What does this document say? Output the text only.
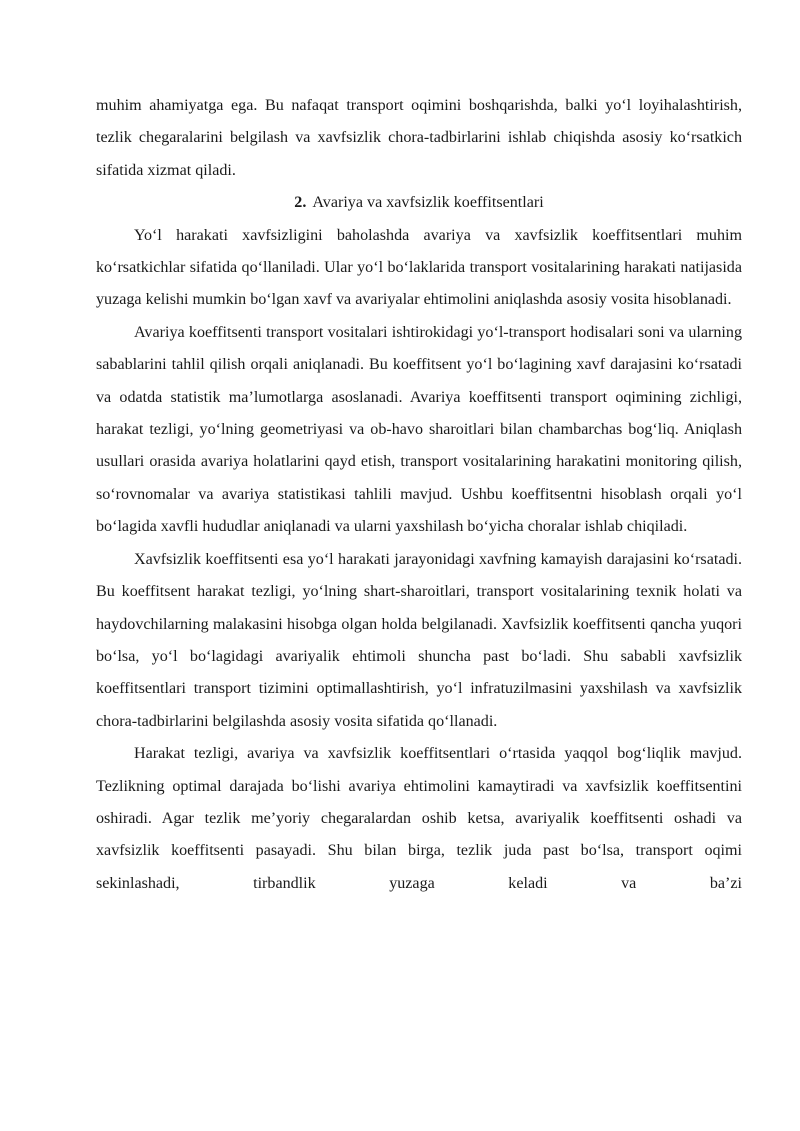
muhim ahamiyatga ega. Bu nafaqat transport oqimini boshqarishda, balki yo‘l loyihalashtirish, tezlik chegaralarini belgilash va xavfsizlik chora-tadbirlarini ishlab chiqishda asosiy ko‘rsatkich sifatida xizmat qiladi.

2. Avariya va xavfsizlik koeffitsentlari

Yo‘l harakati xavfsizligini baholashda avariya va xavfsizlik koeffitsentlari muhim ko‘rsatkichlar sifatida qo‘llaniladi. Ular yo‘l bo‘laklarida transport vositalarining harakati natijasida yuzaga kelishi mumkin bo‘lgan xavf va avariyalar ehtimolini aniqlashda asosiy vosita hisoblanadi.

Avariya koeffitsenti transport vositalari ishtirokidagi yo‘l-transport hodisalari soni va ularning sabablarini tahlil qilish orqali aniqlanadi. Bu koeffitsent yo‘l bo‘lagining xavf darajasini ko‘rsatadi va odatda statistik ma’lumotlarga asoslanadi. Avariya koeffitsenti transport oqimining zichligi, harakat tezligi, yo‘lning geometriyasi va ob-havo sharoitlari bilan chambarchas bog‘liq. Aniqlash usullari orasida avariya holatlarini qayd etish, transport vositalarining harakatini monitoring qilish, so‘rovnomalar va avariya statistikasi tahlili mavjud. Ushbu koeffitsentni hisoblash orqali yo‘l bo‘lagida xavfli hududlar aniqlanadi va ularni yaxshilash bo‘yicha choralar ishlab chiqiladi.

Xavfsizlik koeffitsenti esa yo‘l harakati jarayonidagi xavfning kamayish darajasini ko‘rsatadi. Bu koeffitsent harakat tezligi, yo‘lning shart-sharoitlari, transport vositalarining texnik holati va haydovchilarning malakasini hisobga olgan holda belgilanadi. Xavfsizlik koeffitsenti qancha yuqori bo‘lsa, yo‘l bo‘lagidagi avariyalik ehtimoli shuncha past bo‘ladi. Shu sababli xavfsizlik koeffitsentlari transport tizimini optimallashtirish, yo‘l infratuzilmasini yaxshilash va xavfsizlik chora-tadbirlarini belgilashda asosiy vosita sifatida qo‘llanadi.

Harakat tezligi, avariya va xavfsizlik koeffitsentlari o‘rtasida yaqqol bog‘liqlik mavjud. Tezlikning optimal darajada bo‘lishi avariya ehtimolini kamaytiradi va xavfsizlik koeffitsentini oshiradi. Agar tezlik me’yoriy chegaralardan oshib ketsa, avariyalik koeffitsenti oshadi va xavfsizlik koeffitsenti pasayadi. Shu bilan birga, tezlik juda past bo‘lsa, transport oqimi sekinlashadi, tirbandlik yuzaga keladi va ba’zi
